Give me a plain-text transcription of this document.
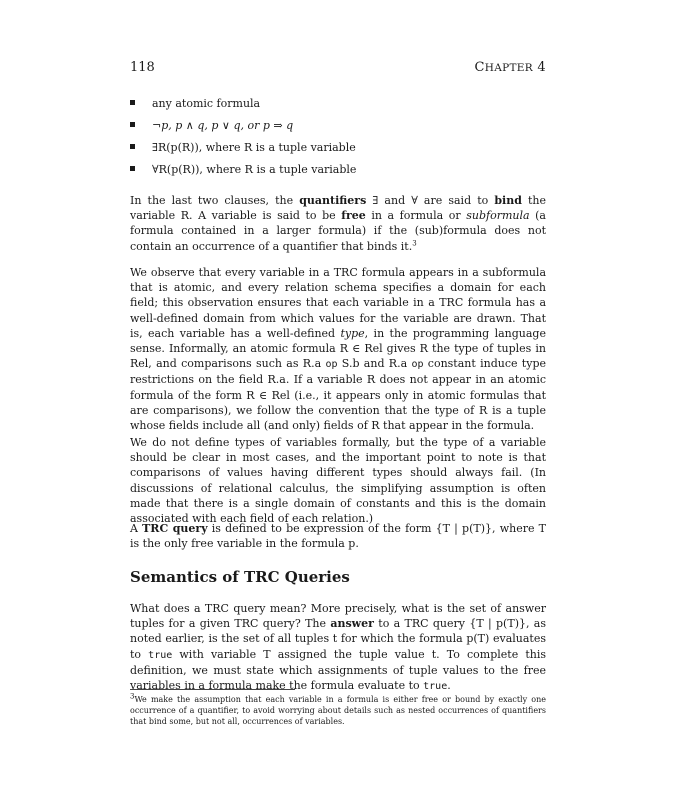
118	CHAPTER 4
any atomic formula
¬p, p ∧ q, p ∨ q, or p ⇒ q
∃R(p(R)), where R is a tuple variable
∀R(p(R)), where R is a tuple variable

In the last two clauses, the quantifiers ∃ and ∀ are said to bind the variable R. A variable is said to be free in a formula or subformula (a formula contained in a larger formula) if the (sub)formula does not contain an occurrence of a quantifier that binds it.$^3$

We observe that every variable in a TRC formula appears in a subformula that is atomic, and every relation schema specifies a domain for each field; this observation ensures that each variable in a TRC formula has a well-defined domain from which values for the variable are drawn. That is, each variable has a well-defined type, in the programming language sense. Informally, an atomic formula R ∈ Rel gives R the type of tuples in Rel, and comparisons such as R.a op S.b and R.a op constant induce type restrictions on the field R.a. If a variable R does not appear in an atomic formula of the form R ∈ Rel (i.e., it appears only in atomic formulas that are comparisons), we follow the convention that the type of R is a tuple whose fields include all (and only) fields of R that appear in the formula.

We do not define types of variables formally, but the type of a variable should be clear in most cases, and the important point to note is that comparisons of values having different types should always fail. (In discussions of relational calculus, the simplifying assumption is often made that there is a single domain of constants and this is the domain associated with each field of each relation.)

A TRC query is defined to be expression of the form {T | p(T)}, where T is the only free variable in the formula p.

Semantics of TRC Queries

What does a TRC query mean? More precisely, what is the set of answer tuples for a given TRC query? The answer to a TRC query {T | p(T)}, as noted earlier, is the set of all tuples t for which the formula p(T) evaluates to true with variable T assigned the tuple value t. To complete this definition, we must state which assignments of tuple values to the free variables in a formula make the formula evaluate to true.

$^3$We make the assumption that each variable in a formula is either free or bound by exactly one occurrence of a quantifier, to avoid worrying about details such as nested occurrences of quantifiers that bind some, but not all, occurrences of variables.
